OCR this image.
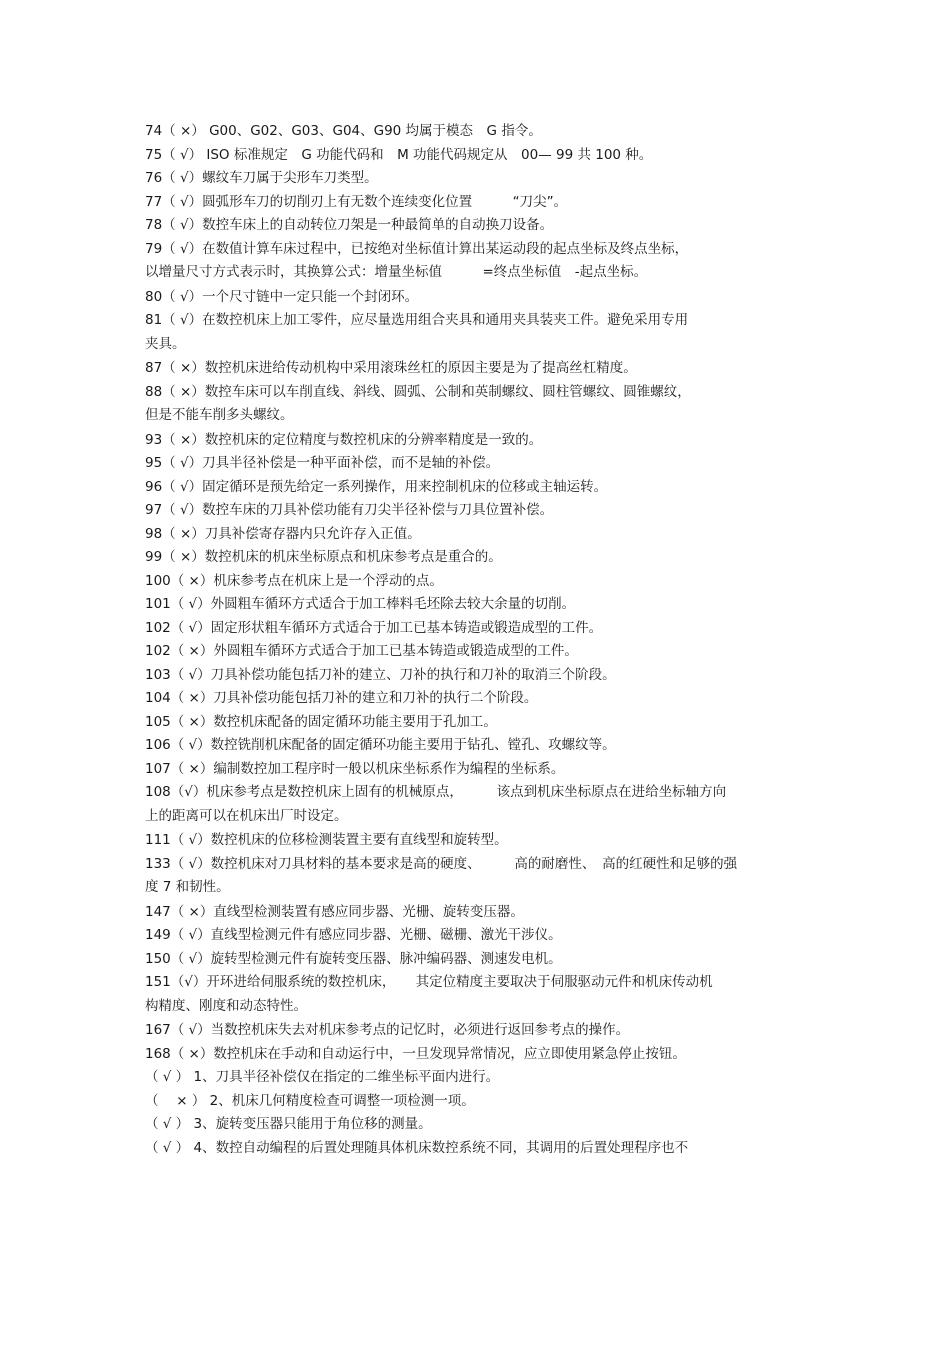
74（ ×） G00、G02、G03、G04、G90 均属于模态　G 指令。
75（ √） ISO 标准规定　G 功能代码和　M 功能代码规定从　00— 99 共 100 种。
76（ √）螺纹车刀属于尖形车刀类型。
77（ √）圆弧形车刀的切削刃上有无数个连续变化位置　　　“刀尖”。
78（ √）数控车床上的自动转位刀架是一种最简单的自动换刀设备。
79（ √）在数值计算车床过程中，已按绝对坐标值计算出某运动段的起点坐标及终点坐标，
以增量尺寸方式表示时，其换算公式：增量坐标值　　　=终点坐标值　-起点坐标。
80（ √）一个尺寸链中一定只能一个封闭环。
81（ √）在数控机床上加工零件，应尽量选用组合夹具和通用夹具装夹工件。避免采用专用
夹具。
87（ ×）数控机床进给传动机构中采用滚珠丝杠的原因主要是为了提高丝杠精度。
88（ ×）数控车床可以车削直线、斜线、圆弧、公制和英制螺纹、圆柱管螺纹、圆锥螺纹，
但是不能车削多头螺纹。
93（ ×）数控机床的定位精度与数控机床的分辨率精度是一致的。
95（ √）刀具半径补偿是一种平面补偿，而不是轴的补偿。
96（ √）固定循环是预先给定一系列操作，用来控制机床的位移或主轴运转。
97（ √）数控车床的刀具补偿功能有刀尖半径补偿与刀具位置补偿。
98（ ×）刀具补偿寄存器内只允许存入正值。
99（ ×）数控机床的机床坐标原点和机床参考点是重合的。
100（ ×）机床参考点在机床上是一个浮动的点。
101（ √）外圆粗车循环方式适合于加工棒料毛坯除去较大余量的切削。
102（ √）固定形状粗车循环方式适合于加工已基本铸造或锻造成型的工件。
102（ ×）外圆粗车循环方式适合于加工已基本铸造或锻造成型的工件。
103（ √）刀具补偿功能包括刀补的建立、刀补的执行和刀补的取消三个阶段。
104（ ×）刀具补偿功能包括刀补的建立和刀补的执行二个阶段。
105（ ×）数控机床配备的固定循环功能主要用于孔加工。
106（ √）数控铣削机床配备的固定循环功能主要用于钻孔、镗孔、攻螺纹等。
107（ ×）编制数控加工程序时一般以机床坐标系作为编程的坐标系。
108（√）机床参考点是数控机床上固有的机械原点，　　　该点到机床坐标原点在进给坐标轴方向
上的距离可以在机床出厂时设定。
111（ √）数控机床的位移检测装置主要有直线型和旋转型。
133（ √）数控机床对刀具材料的基本要求是高的硬度、　　　高的耐磨性、　高的红硬性和足够的强
度 7 和韧性。
147（ ×）直线型检测装置有感应同步器、光栅、旋转变压器。
149（ √）直线型检测元件有感应同步器、光栅、磁栅、激光干涉仪。
150（ √）旋转型检测元件有旋转变压器、脉冲编码器、测速发电机。
151（√）开环进给伺服系统的数控机床，　　其定位精度主要取决于伺服驱动元件和机床传动机
构精度、刚度和动态特性。
167（ √）当数控机床失去对机床参考点的记忆时，必须进行返回参考点的操作。
168（ ×）数控机床在手动和自动运行中，一旦发现异常情况，应立即使用紧急停止按钮。
（ √ ） 1、刀具半径补偿仅在指定的二维坐标平面内进行。
（　 × ） 2、机床几何精度检查可调整一项检测一项。
（ √ ） 3、旋转变压器只能用于角位移的测量。
（ √ ） 4、数控自动编程的后置处理随具体机床数控系统不同，其调用的后置处理程序也不
